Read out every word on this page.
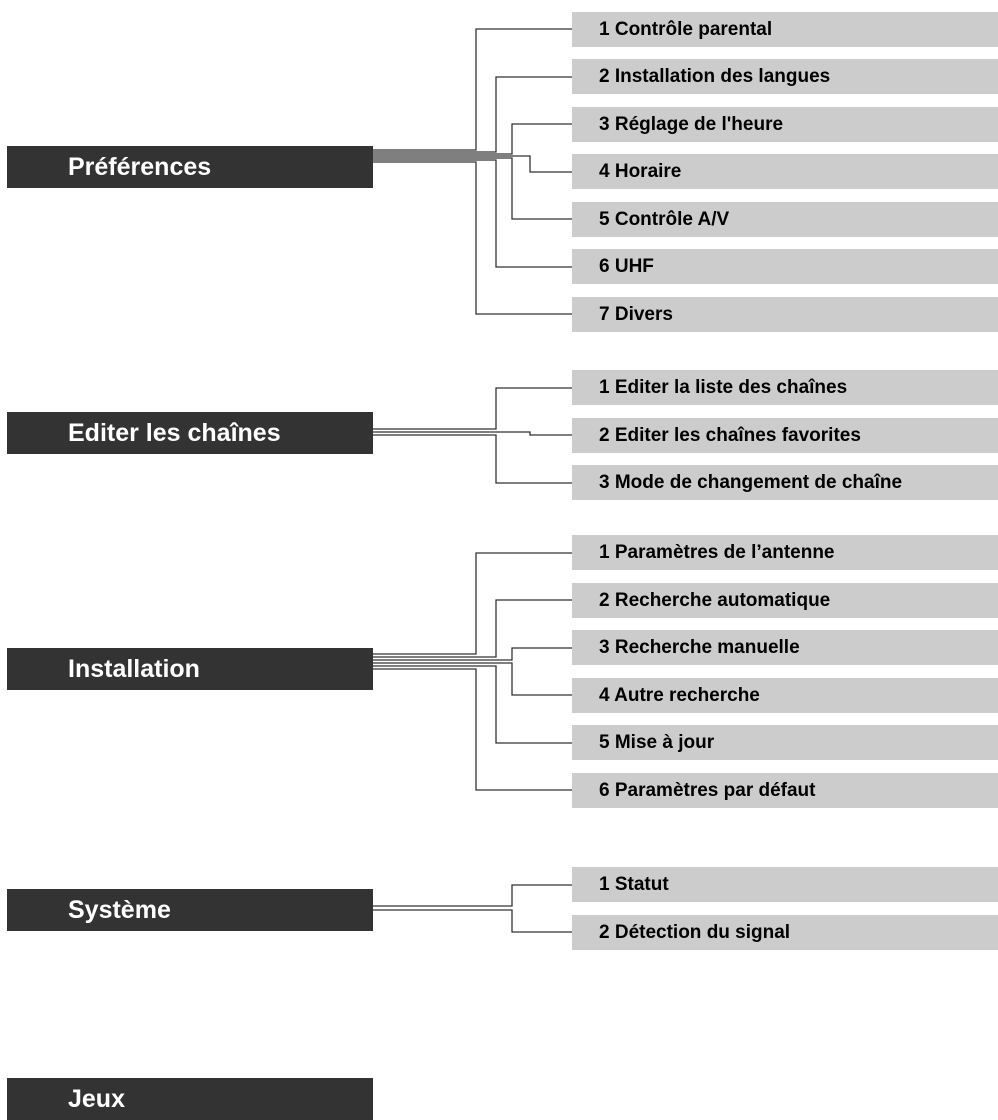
Préférences
1 Contrôle parental
2 Installation des langues
3 Réglage de l'heure
4 Horaire
5 Contrôle A/V
6 UHF
7 Divers
Editer les chaînes
1 Editer la liste des chaînes
2 Editer les chaînes favorites
3 Mode de changement de chaîne
Installation
1 Paramètres de l’antenne
2 Recherche automatique
3 Recherche manuelle
4 Autre recherche
5 Mise à jour
6 Paramètres par défaut
Système
1 Statut
2 Détection du signal
Jeux
